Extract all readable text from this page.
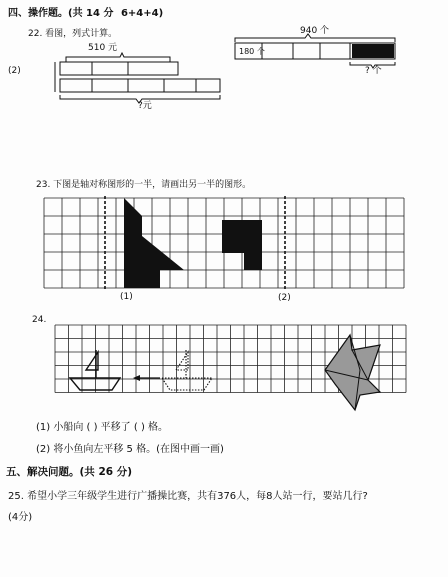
四、操作题。(共 14 分 6+4+4)
22. 看图，列式计算。
(2)
510 元
?元
940 个
180 个
? 个
23. 下图是轴对称图形的一半，请画出另一半的图形。
(1)	(2)
24.
(1) 小船向 ( ) 平移了 ( ) 格。
(2) 将小鱼向左平移 5 格。(在图中画一画)
五、解决问题。(共 26 分)
25. 希望小学三年级学生进行广播操比赛，共有376人，每8人站一行，要站几行?
(4分)
